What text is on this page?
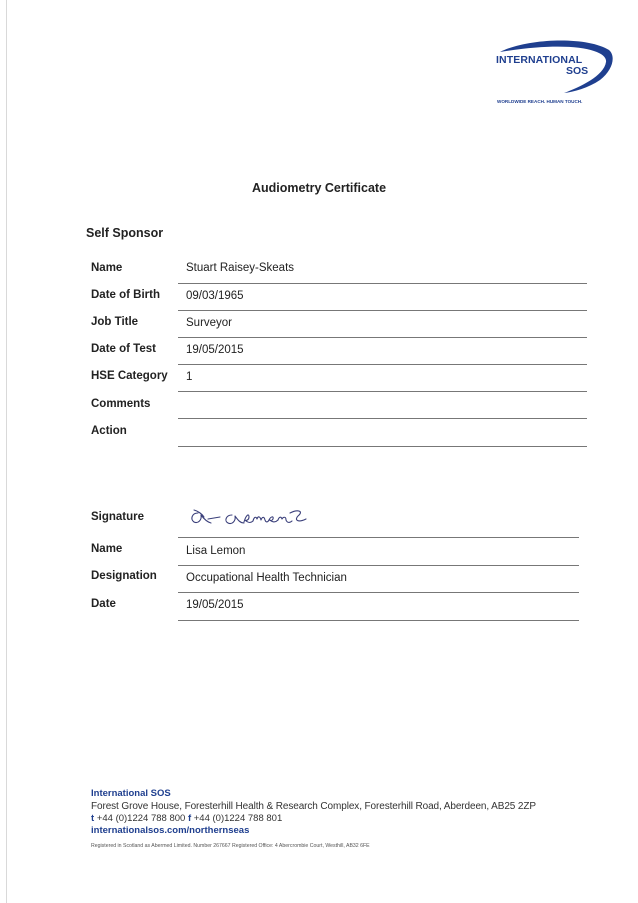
INTERNATIONAL
SOS
WORLDWIDE REACH. HUMAN TOUCH.
Audiometry Certificate
Self Sponsor
Name	Stuart Raisey-Skeats
Date of Birth 09/03/1965
Job Title	Surveyor
Date of Test	19/05/2015
HSE Category 1
Comments
Action
Signature
Name	Lisa Lemon
Designation	Occupational Health Technician
Date	19/05/2015
International SOS
Forest Grove House, Foresterhill Health & Research Complex, Foresterhill Road, Aberdeen, AB25 2ZP
t +44 (0)1224 788 800 f +44 (0)1224 788 801
internationalsos.com/northernseas
Registered in Scotland as Abermed Limited. Number 267667 Registered Office: 4 Abercrombie Court, Westhill, AB32 6FE
